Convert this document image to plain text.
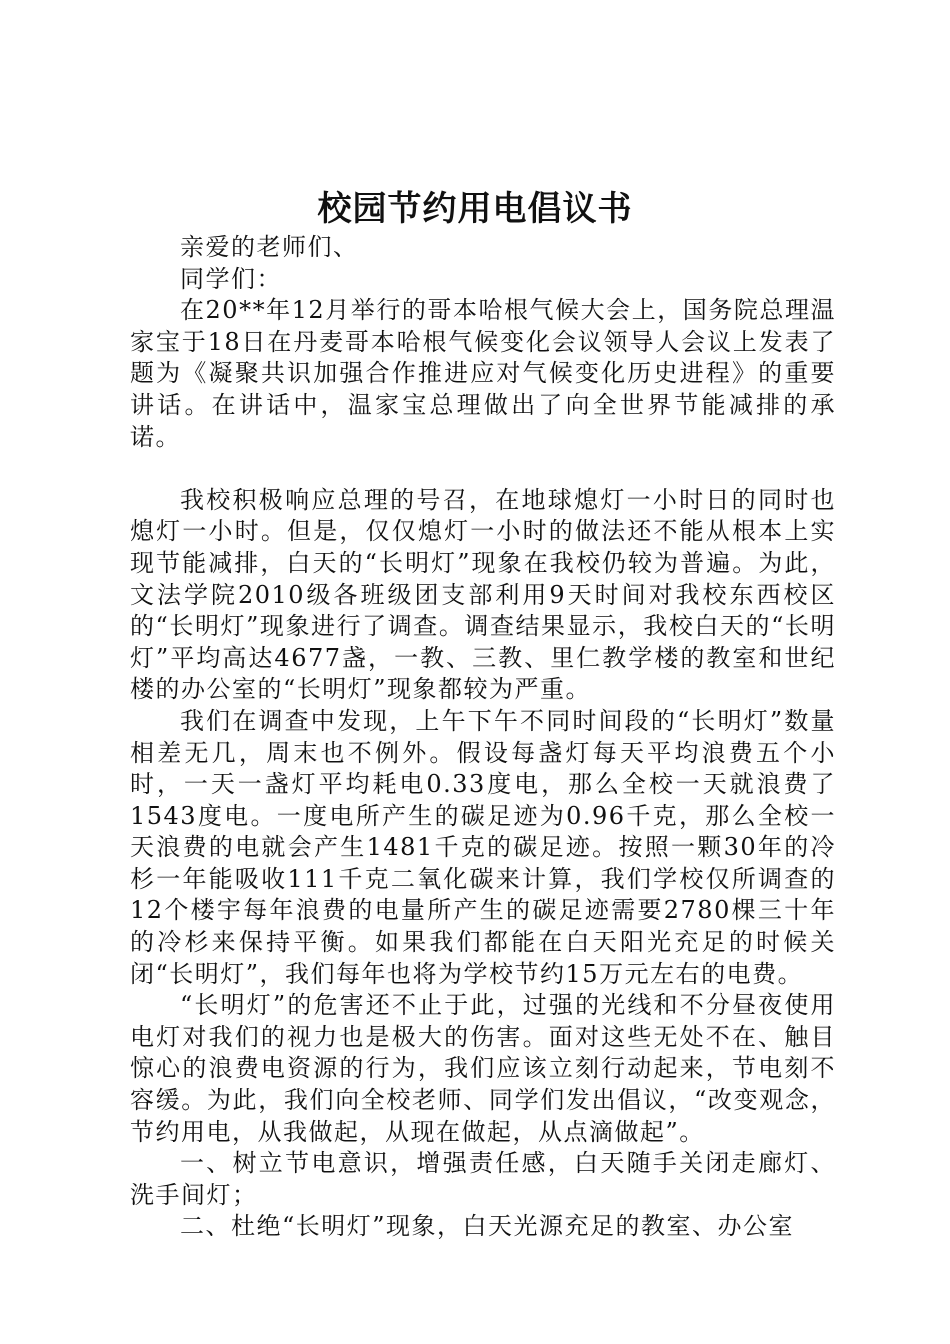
校园节约用电倡议书

亲爱的老师们、

同学们：

在20**年12月举行的哥本哈根气候大会上，国务院总理温家宝于18日在丹麦哥本哈根气候变化会议领导人会议上发表了题为《凝聚共识加强合作推进应对气候变化历史进程》的重要讲话。在讲话中，温家宝总理做出了向全世界节能减排的承诺。

我校积极响应总理的号召，在地球熄灯一小时日的同时也熄灯一小时。但是，仅仅熄灯一小时的做法还不能从根本上实现节能减排，白天的“长明灯”现象在我校仍较为普遍。为此，文法学院2010级各班级团支部利用9天时间对我校东西校区的“长明灯”现象进行了调查。调查结果显示，我校白天的“长明灯”平均高达4677盏，一教、三教、里仁教学楼的教室和世纪楼的办公室的“长明灯”现象都较为严重。

我们在调查中发现，上午下午不同时间段的“长明灯”数量相差无几，周末也不例外。假设每盏灯每天平均浪费五个小时，一天一盏灯平均耗电0.33度电，那么全校一天就浪费了1543度电。一度电所产生的碳足迹为0.96千克，那么全校一天浪费的电就会产生1481千克的碳足迹。按照一颗30年的冷杉一年能吸收111千克二氧化碳来计算，我们学校仅所调查的12个楼宇每年浪费的电量所产生的碳足迹需要2780棵三十年的冷杉来保持平衡。如果我们都能在白天阳光充足的时候关闭“长明灯”，我们每年也将为学校节约15万元左右的电费。

“长明灯”的危害还不止于此，过强的光线和不分昼夜使用电灯对我们的视力也是极大的伤害。面对这些无处不在、触目惊心的浪费电资源的行为，我们应该立刻行动起来，节电刻不容缓。为此，我们向全校老师、同学们发出倡议，“改变观念，节约用电，从我做起，从现在做起，从点滴做起”。

一、树立节电意识，增强责任感，白天随手关闭走廊灯、洗手间灯；

二、杜绝“长明灯”现象，白天光源充足的教室、办公室
